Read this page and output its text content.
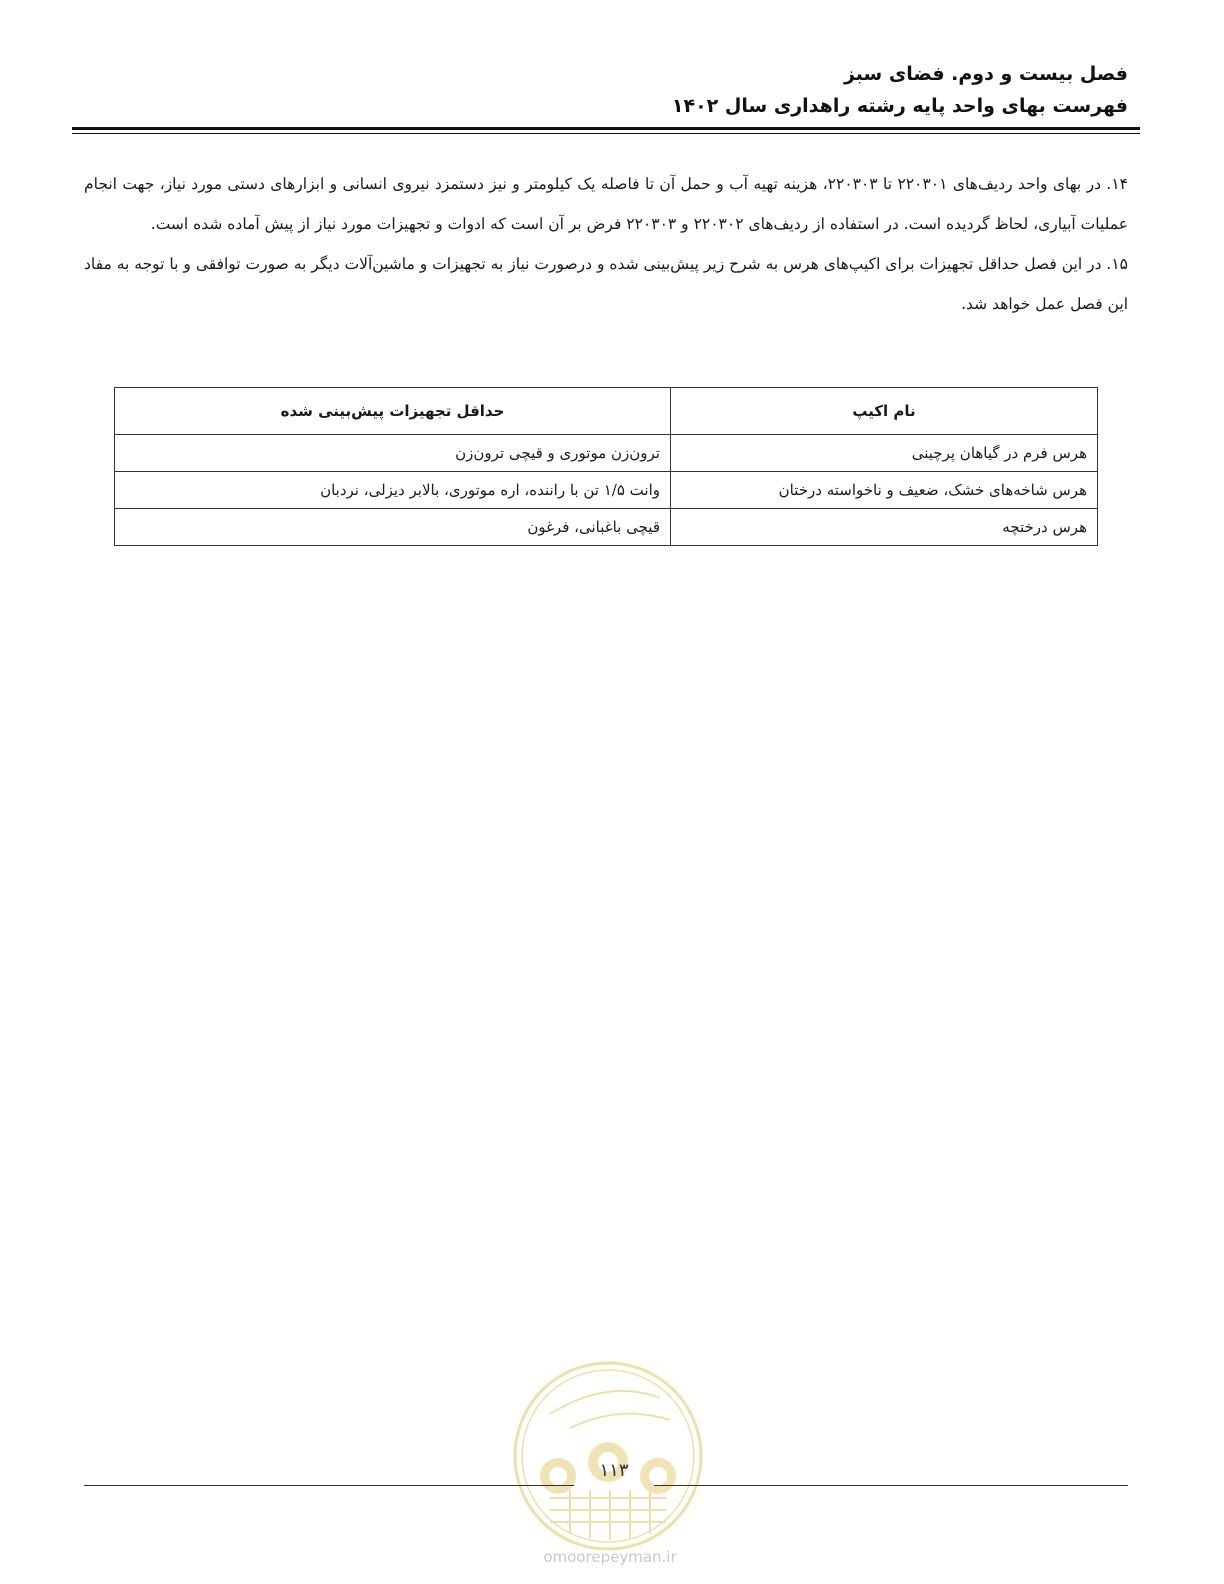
فصل بیست و دوم. فضای سبز
فهرست بهای واحد پایه رشته راهداری سال ۱۴۰۲

۱۴. در بهای واحد ردیف‌های ۲۲۰۳۰۱ تا ۲۲۰۳۰۳، هزینه تهیه آب و حمل آن تا فاصله یک کیلومتر و نیز دستمزد نیروی انسانی و ابزارهای دستی مورد نیاز، جهت انجام عملیات آبیاری، لحاظ گردیده است. در استفاده از ردیف‌های ۲۲۰۳۰۲ و ۲۲۰۳۰۳ فرض بر آن است که ادوات و تجهیزات مورد نیاز از پیش آماده شده است.

۱۵. در این فصل حداقل تجهیزات برای اکیپ‌های هرس به شرح زیر پیش‌بینی شده و درصورت نیاز به تجهیزات و ماشین‌آلات دیگر به صورت توافقی و با توجه به مفاد این فصل عمل خواهد شد.

نام اکیپ	حداقل تجهیزات پیش‌بینی شده
هرس فرم در گیاهان پرچینی	ترون‌زن موتوری و قیچی ترون‌زن
هرس شاخه‌های خشک، ضعیف و ناخواسته درختان	وانت ۱/۵ تن با راننده، اره موتوری، بالابر دیزلی، نردبان
هرس درختچه	قیچی باغبانی، فرغون
۱۱۳
omoorepeyman.ir
